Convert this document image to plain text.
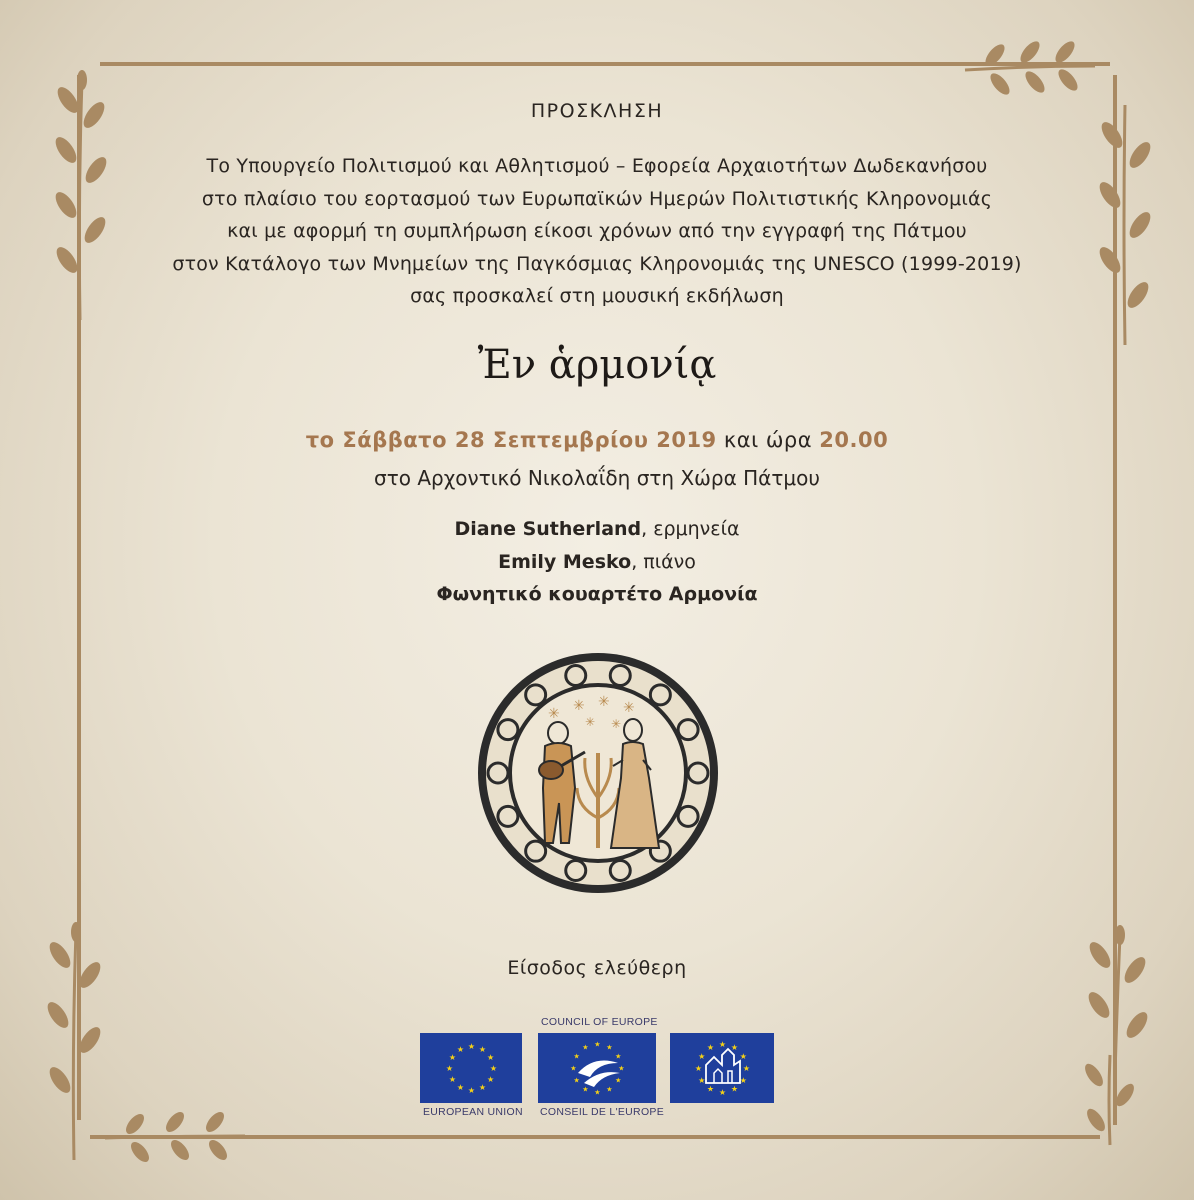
ΠΡΟΣΚΛΗΣΗ
Το Υπουργείο Πολιτισμού και Αθλητισμού – Εφορεία Αρχαιοτήτων Δωδεκανήσου
στο πλαίσιο του εορτασμού των Ευρωπαϊκών Ημερών Πολιτιστικής Κληρονομιάς
και με αφορμή τη συμπλήρωση είκοσι χρόνων από την εγγραφή της Πάτμου
στον Κατάλογο των Μνημείων της Παγκόσμιας Κληρονομιάς της UNESCO (1999-2019)
σας προσκαλεί στη μουσική εκδήλωση
Ἐν ἁρμονίᾳ
το Σάββατο 28 Σεπτεμβρίου 2019 και ώρα 20.00
στο Αρχοντικό Νικολαΐδη στη Χώρα Πάτμου
Diane Sutherland, ερμηνεία
Emily Mesko, πιάνο
Φωνητικό κουαρτέτο Αρμονία
✳ ✳ ✳ ✳
✳ ✳
Είσοδος ελεύθερη
★
★
★
★
★
★
★
★
★ ★ ★
★
EUROPEAN UNION
COUNCIL OF EUROPE
★
★
★
★
★
★
★
★
★ ★ ★
★
CONSEIL DE L'EUROPE
★
★
★
★
★
★
★
★
★ ★ ★
★
